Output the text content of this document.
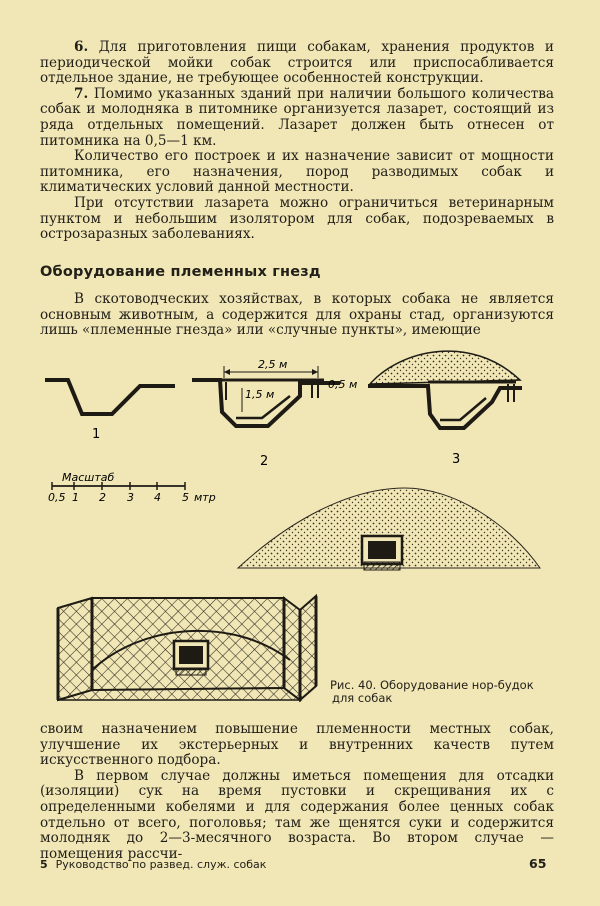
6. Для приготовления пищи собакам, хранения продуктов и периодической мойки собак строится или приспосабливается отдельное здание, не требующее особенностей конструкции.

7. Помимо указанных зданий при наличии большого количества собак и молодняка в питомнике организуется лазарет, состоящий из ряда отдельных помещений. Лазарет должен быть отнесен от питомника на 0,5—1 км.

Количество его построек и их назначение зависит от мощности питомника, его назначения, пород разводимых собак и климатических условий данной местности.

При отсутствии лазарета можно ограничиться ветеринарным пунктом и небольшим изолятором для собак, подозреваемых в острозаразных заболеваниях.

Оборудование племенных гнезд

В скотоводческих хозяйствах, в которых собака не является основным животным, а содержится для охраны стад, организуются лишь «племенные гнезда» или «случные пункты», имеющие

1
2,5 м
0,5 м
1,5 м
2	3
Масштаб
0,5 1 2 3 4 5 мтр
Рис. 40. Оборудование нор-будок
для собак

своим назначением повышение племенности местных собак, улучшение их экстерьерных и внутренних качеств путем искусственного подбора.

В первом случае должны иметься помещения для отсадки (изоляции) сук на время пустовки и скрещивания их с определенными кобелями и для содержания более ценных собак отдельно от всего, поголовья; там же щенятся суки и содержится молодняк до 2—3-месячного возраста. Во втором случае — помещения рассчи-

5 Руководство по развед. служ. собак	65
